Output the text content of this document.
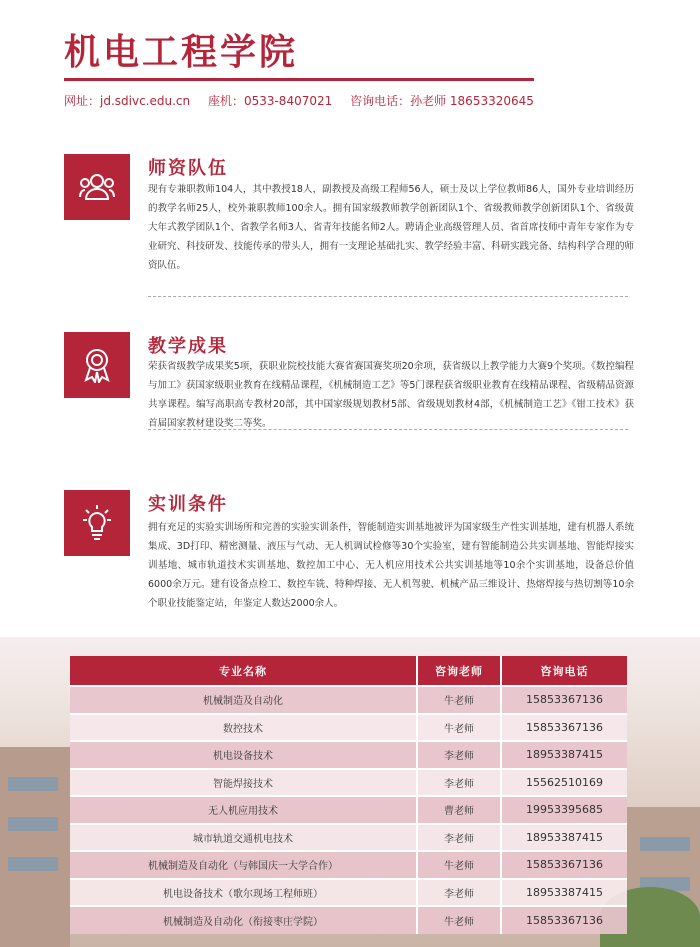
机电工程学院
网址：jd.sdivc.edu.cn 座机：0533-8407021 咨询电话：孙老师 18653320645
师资队伍
现有专兼职教师104人，其中教授18人，副教授及高级工程师56人，硕士及以上学位教师86人，国外专业培训经历的教学名师25人，校外兼职教师100余人。拥有国家级教师教学创新团队1个、省级教师教学创新团队1个、省级黄大年式教学团队1个、省教学名师3人、省青年技能名师2人。聘请企业高级管理人员、省首席技师中青年专家作为专业研究、科技研发、技能传承的带头人，拥有一支理论基础扎实、教学经验丰富、科研实践完备、结构科学合理的师资队伍。
教学成果
荣获省级教学成果奖5项，获职业院校技能大赛省赛国赛奖项20余项，获省级以上教学能力大赛9个奖项。《数控编程与加工》获国家级职业教育在线精品课程，《机械制造工艺》等5门课程获省级职业教育在线精品课程、省级精品资源共享课程。编写高职高专教材20部，其中国家级规划教材5部、省级规划教材4部，《机械制造工艺》《钳工技术》获首届国家教材建设奖二等奖。
实训条件
拥有充足的实验实训场所和完善的实验实训条件，智能制造实训基地被评为国家级生产性实训基地，建有机器人系统集成、3D打印、精密测量、液压与气动、无人机调试检修等30个实验室，建有智能制造公共实训基地、智能焊接实训基地、城市轨道技术实训基地、数控加工中心、无人机应用技术公共实训基地等10余个实训基地，设备总价值6000余万元。建有设备点检工、数控车铣、特种焊接、无人机驾驶、机械产品三维设计、热熔焊接与热切割等10余个职业技能鉴定站，年鉴定人数达2000余人。
专业名称	咨询老师	咨询电话
机械制造及自动化	牛老师	15853367136
数控技术	牛老师	15853367136
机电设备技术	李老师	18953387415
智能焊接技术	李老师	15562510169
无人机应用技术	曹老师	19953395685
城市轨道交通机电技术	李老师	18953387415
机械制造及自动化（与韩国庆一大学合作）	牛老师	15853367136
机电设备技术（歌尔现场工程师班）	李老师	18953387415
机械制造及自动化（衔接枣庄学院）	牛老师	15853367136
